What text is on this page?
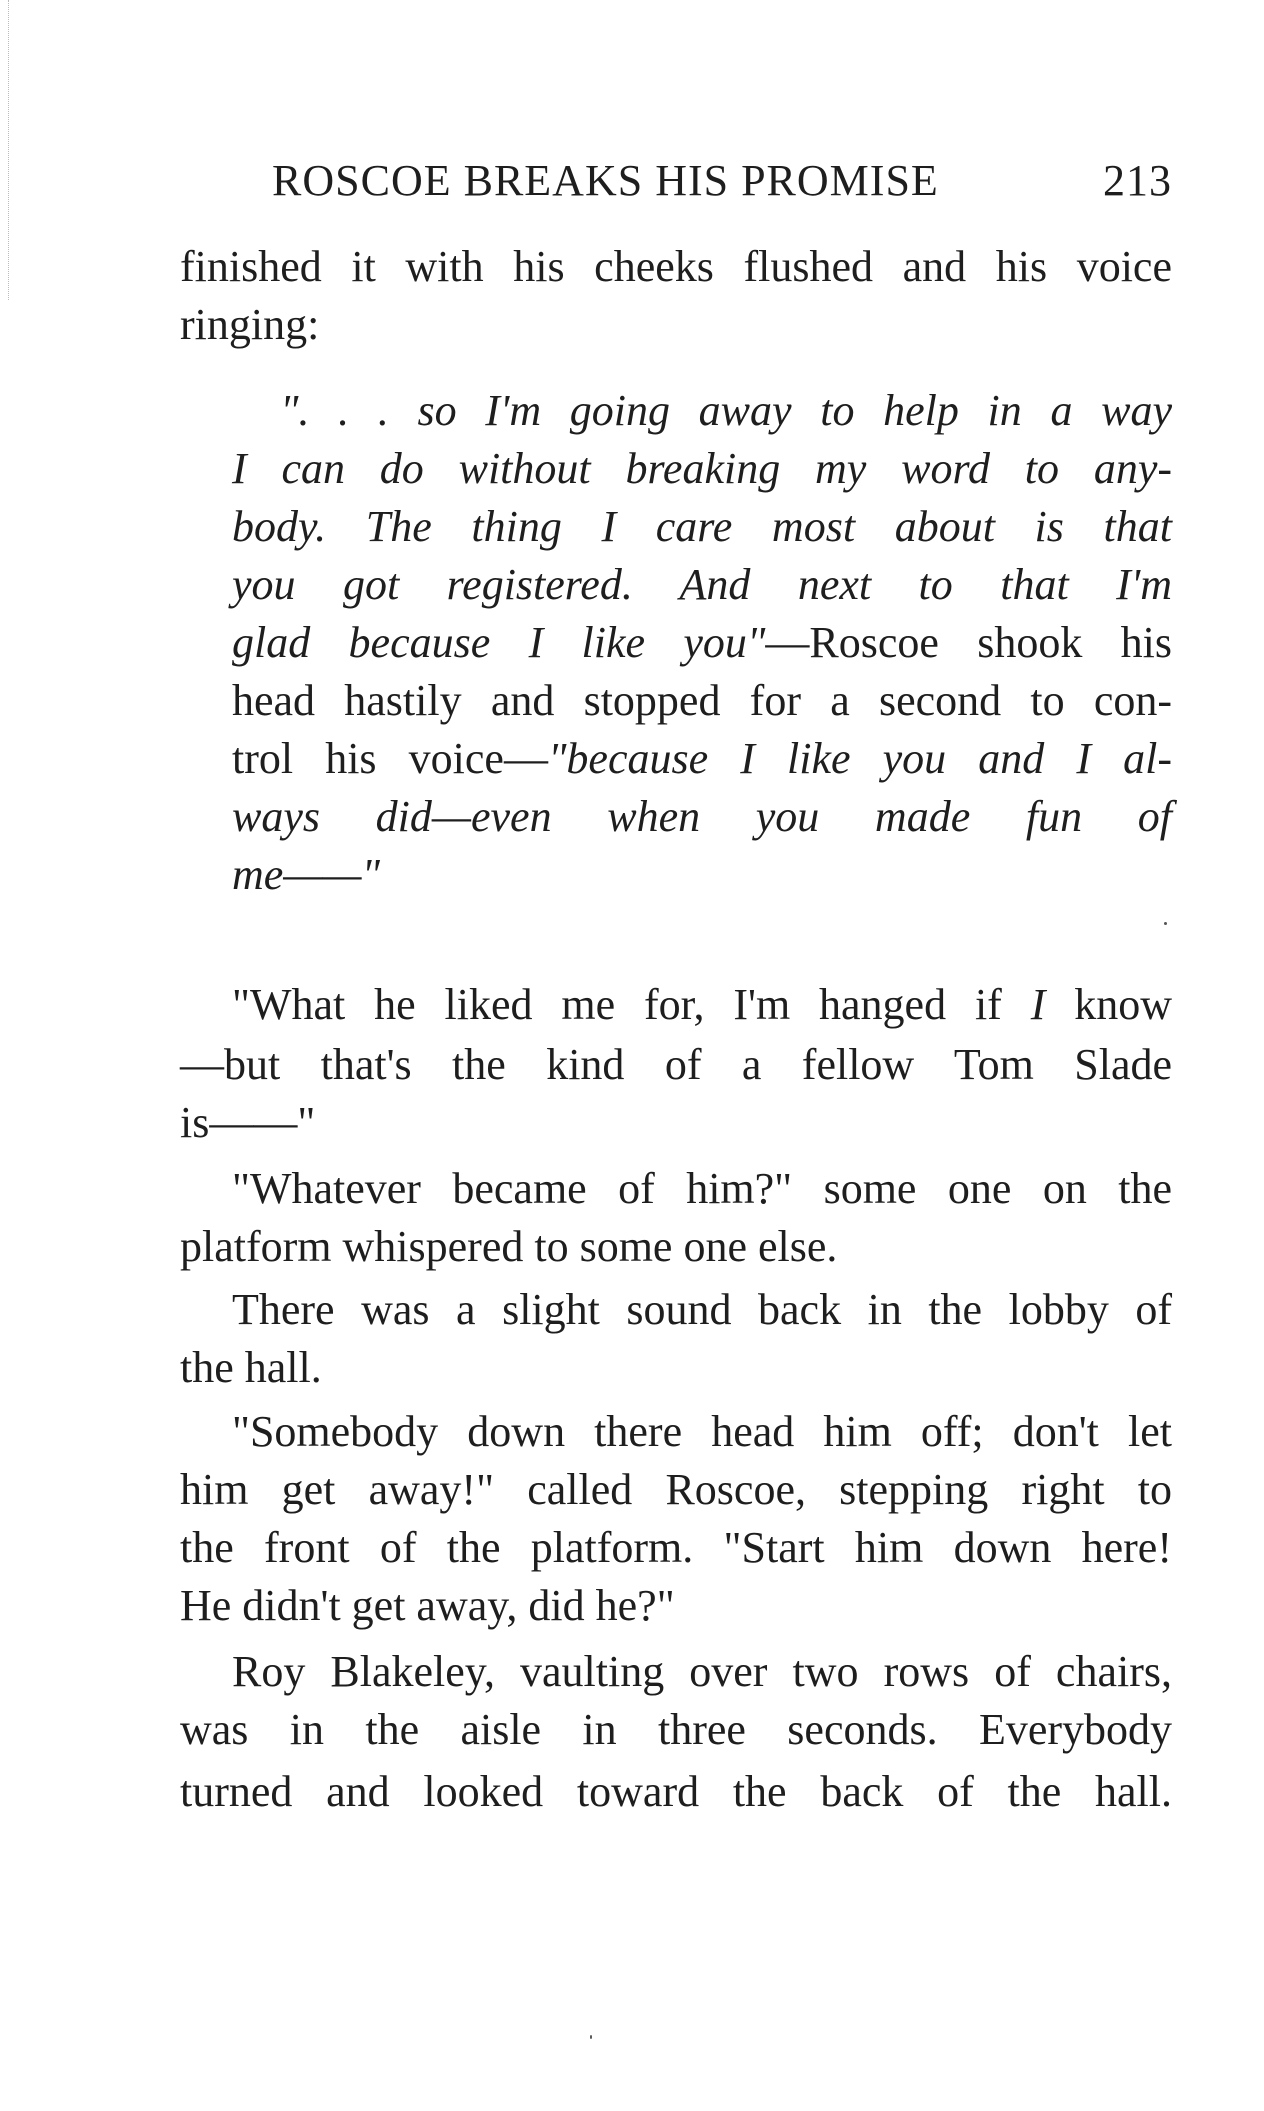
ROSCOE BREAKS HIS PROMISE	213
finished it with his cheeks flushed and his voice
ringing:
". . . so I'm going away to help in a way
I can do without breaking my word to any-
body. The thing I care most about is that
you got registered. And next to that I'm
glad because I like you"—Roscoe shook his
head hastily and stopped for a second to con-
trol his voice—"because I like you and I al-
ways did—even when you made fun of
me——"
"What he liked me for, I'm hanged if I know
—but that's the kind of a fellow Tom Slade
is——"
"Whatever became of him?" some one on the
platform whispered to some one else.
There was a slight sound back in the lobby of
the hall.
"Somebody down there head him off; don't let
him get away!" called Roscoe, stepping right to
the front of the platform. "Start him down here!
He didn't get away, did he?"
Roy Blakeley, vaulting over two rows of chairs,
was in the aisle in three seconds. Everybody
turned and looked toward the back of the hall.
